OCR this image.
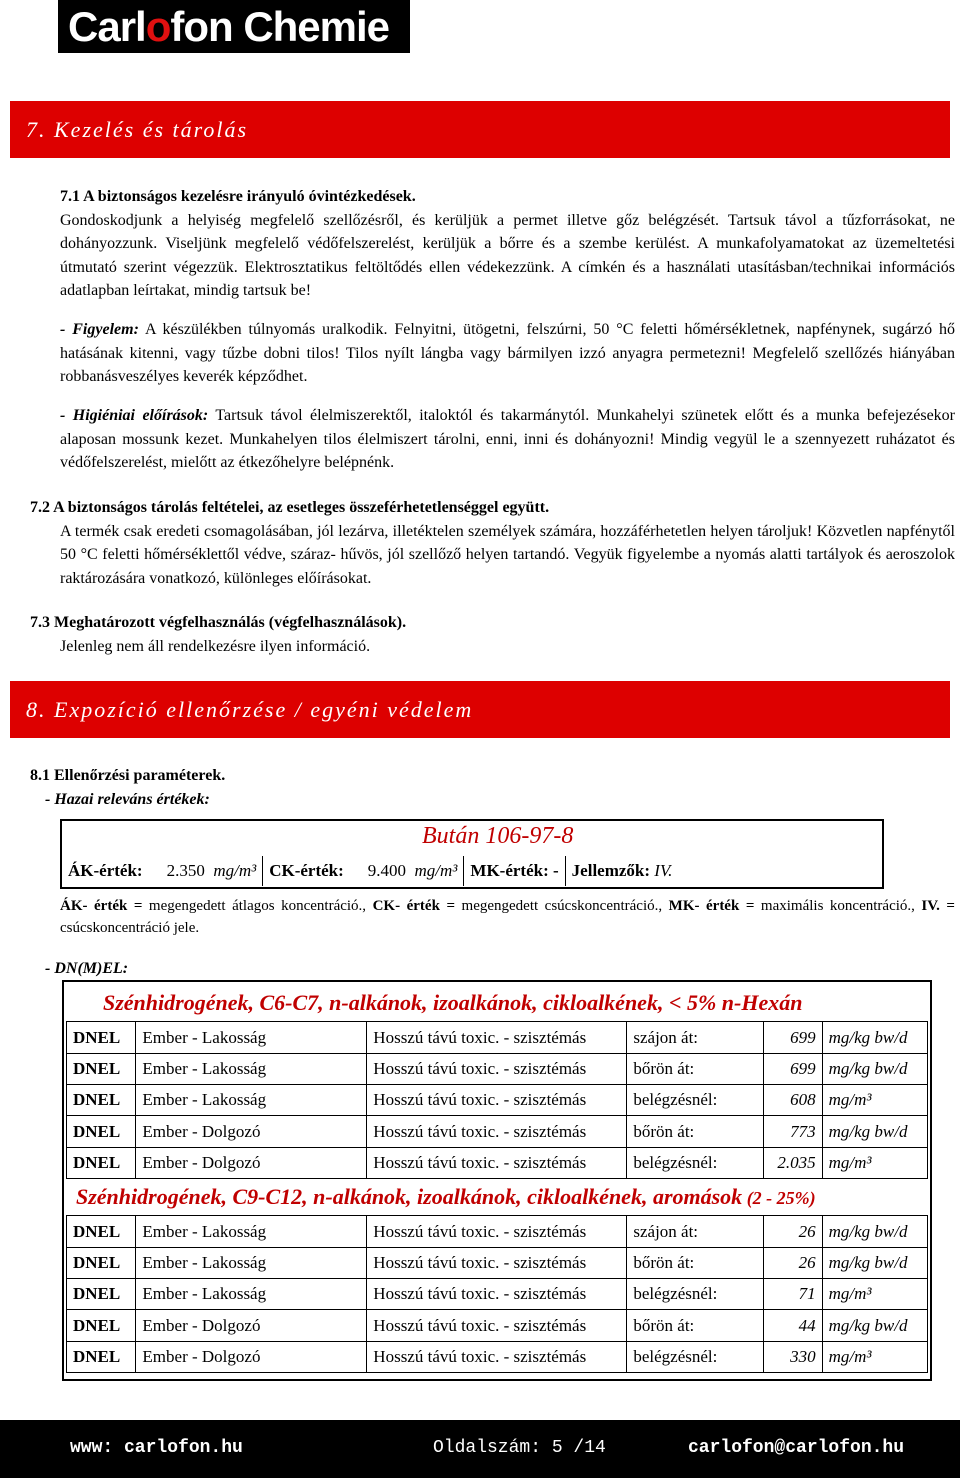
Carlofon Chemie
7. Kezelés és tárolás
7.1 A biztonságos kezelésre irányuló óvintézkedések.
Gondoskodjunk a helyiség megfelelő szellőzésről, és kerüljük a permet illetve gőz belégzését. Tartsuk távol a tűzforrásokat, ne dohányozzunk. Viseljünk megfelelő védőfelszerelést, kerüljük a bőrre és a szembe kerülést. A munkafolyamatokat az üzemeltetési útmutató szerint végezzük. Elektrosztatikus feltöltődés ellen védekezzünk. A címkén és a használati utasításban/technikai információs adatlapban leírtakat, mindig tartsuk be!
- Figyelem: A készülékben túlnyomás uralkodik. Felnyitni, ütögetni, felszúrni, 50 °C feletti hőmérsékletnek, napfénynek, sugárzó hő hatásának kitenni, vagy tűzbe dobni tilos! Tilos nyílt lángba vagy bármilyen izzó anyagra permetezni! Megfelelő szellőzés hiányában robbanásveszélyes keverék képződhet.
- Higiéniai előírások: Tartsuk távol élelmiszerektől, italoktól és takarmánytól. Munkahelyi szünetek előtt és a munka befejezésekor alaposan mossunk kezet. Munkahelyen tilos élelmiszert tárolni, enni, inni és dohányozni! Mindig vegyül le a szennyezett ruházatot és védőfelszerelést, mielőtt az étkezőhelyre belépnénk.
7.2 A biztonságos tárolás feltételei, az esetleges összeférhetetlenséggel együtt.
A termék csak eredeti csomagolásában, jól lezárva, illetéktelen személyek számára, hozzáférhetetlen helyen tároljuk! Közvetlen napfénytől 50 °C feletti hőmérséklettől védve, száraz- hűvös, jól szellőző helyen tartandó. Vegyük figyelembe a nyomás alatti tartályok és aeroszolok raktározására vonatkozó, különleges előírásokat.
7.3 Meghatározott végfelhasználás (végfelhasználások).
Jelenleg nem áll rendelkezésre ilyen információ.
8. Expozíció ellenőrzése / egyéni védelem
8.1 Ellenőrzési paraméterek.
- Hazai releváns értékek:
Bután 106-97-8
ÁK-érték:	2.350 mg/m³ CK-érték:	9.400 mg/m³ MK-érték: - Jellemzők: IV.
ÁK- érték = megengedett átlagos koncentráció., CK- érték = megengedett csúcskoncentráció., MK- érték = maximális koncentráció., IV. = csúcskoncentráció jele.
- DN(M)EL:
Szénhidrogének, C6-C7, n-alkánok, izoalkánok, cikloalkének, < 5% n-Hexán
DNEL	Ember - Lakosság	Hosszú távú toxic. - szisztémás	szájon át:	699 mg/kg bw/d
DNEL	Ember - Lakosság	Hosszú távú toxic. - szisztémás	bőrön át:	699 mg/kg bw/d
DNEL	Ember - Lakosság	Hosszú távú toxic. - szisztémás	belégzésnél:	608 mg/m³
DNEL	Ember - Dolgozó	Hosszú távú toxic. - szisztémás	bőrön át:	773 mg/kg bw/d
DNEL	Ember - Dolgozó	Hosszú távú toxic. - szisztémás	belégzésnél:	2.035 mg/m³
Szénhidrogének, C9-C12, n-alkánok, izoalkánok, cikloalkének, aromások (2 - 25%)
DNEL	Ember - Lakosság	Hosszú távú toxic. - szisztémás	szájon át:	26 mg/kg bw/d
DNEL	Ember - Lakosság	Hosszú távú toxic. - szisztémás	bőrön át:	26 mg/kg bw/d
DNEL	Ember - Lakosság	Hosszú távú toxic. - szisztémás	belégzésnél:	71 mg/m³
DNEL	Ember - Dolgozó	Hosszú távú toxic. - szisztémás	bőrön át:	44 mg/kg bw/d
DNEL	Ember - Dolgozó	Hosszú távú toxic. - szisztémás	belégzésnél:	330 mg/m³
www: carlofon.hu	Oldalszám: 5 /14	carlofon@carlofon.hu
